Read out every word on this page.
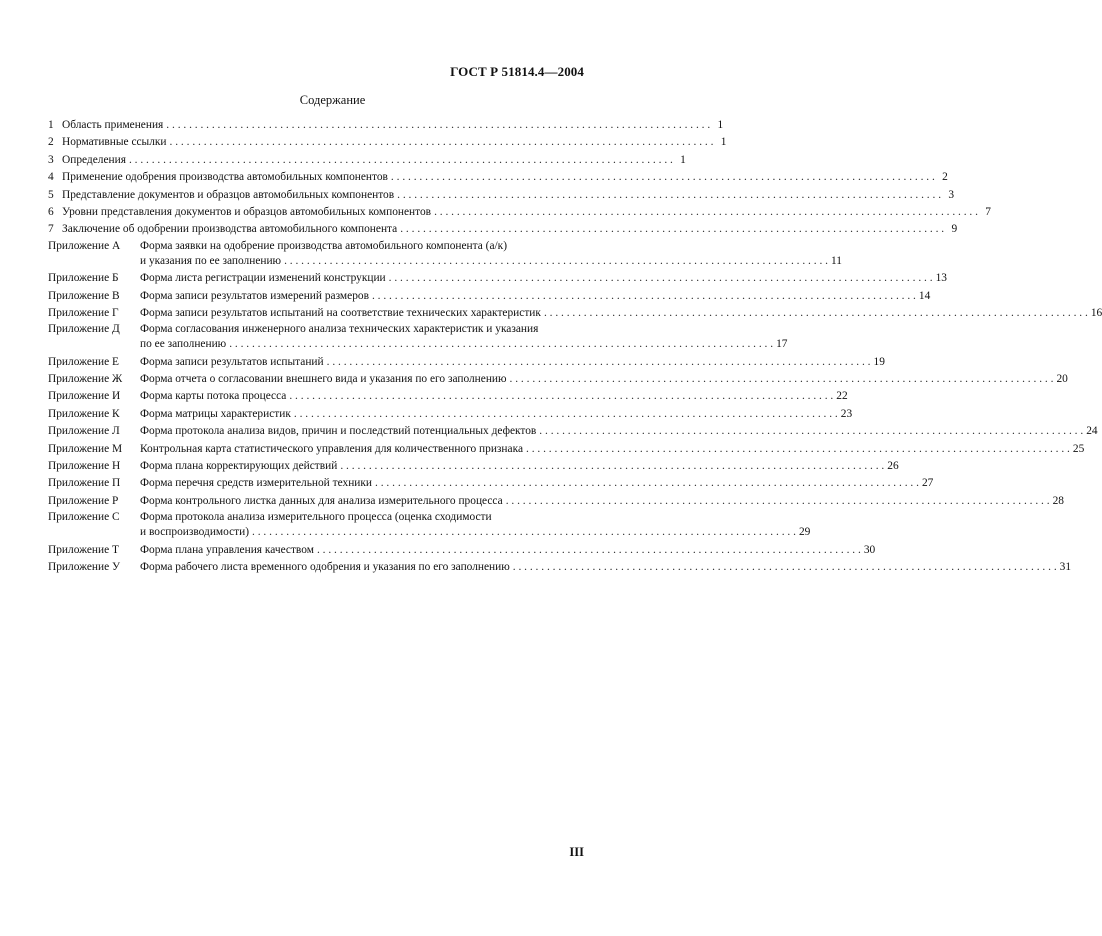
ГОСТ Р 51814.4—2004
Содержание
1 Область применения . . .	1
2 Нормативные ссылки . . .	1
3 Определения . . .	1
4 Применение одобрения производства автомобильных компонентов . . .	2
5 Представление документов и образцов автомобильных компонентов . . .	3
6 Уровни представления документов и образцов автомобильных компонентов . . .	7
7 Заключение об одобрении производства автомобильного компонента . . .	9
Приложение А	Форма заявки на одобрение производства автомобильного компонента (а/к)
и указания по ее заполнению . . .	11
Приложение Б	Форма листа регистрации изменений конструкции . . .	13
Приложение В	Форма записи результатов измерений размеров . . .	14
Приложение Г	Форма записи результатов испытаний на соответствие технических характеристик . . .	16
Приложение Д	Форма согласования инженерного анализа технических характеристик и указания
по ее заполнению . . .	17
Приложение Е	Форма записи результатов испытаний . . .	19
Приложение Ж	Форма отчета о согласовании внешнего вида и указания по его заполнению . . .	20
Приложение И	Форма карты потока процесса . . .	22
Приложение К	Форма матрицы характеристик . . .	23
Приложение Л	Форма протокола анализа видов, причин и последствий потенциальных дефектов . . .	24
Приложение М	Контрольная карта статистического управления для количественного признака . . .	25
Приложение Н	Форма плана корректирующих действий . . .	26
Приложение П	Форма перечня средств измерительной техники . . .	27
Приложение Р	Форма контрольного листка данных для анализа измерительного процесса . . .	28
Приложение С	Форма протокола анализа измерительного процесса (оценка сходимости
и воспроизводимости) . . .	29
Приложение Т	Форма плана управления качеством . . .	30
Приложение У	Форма рабочего листа временного одобрения и указания по его заполнению . . .	31
III
